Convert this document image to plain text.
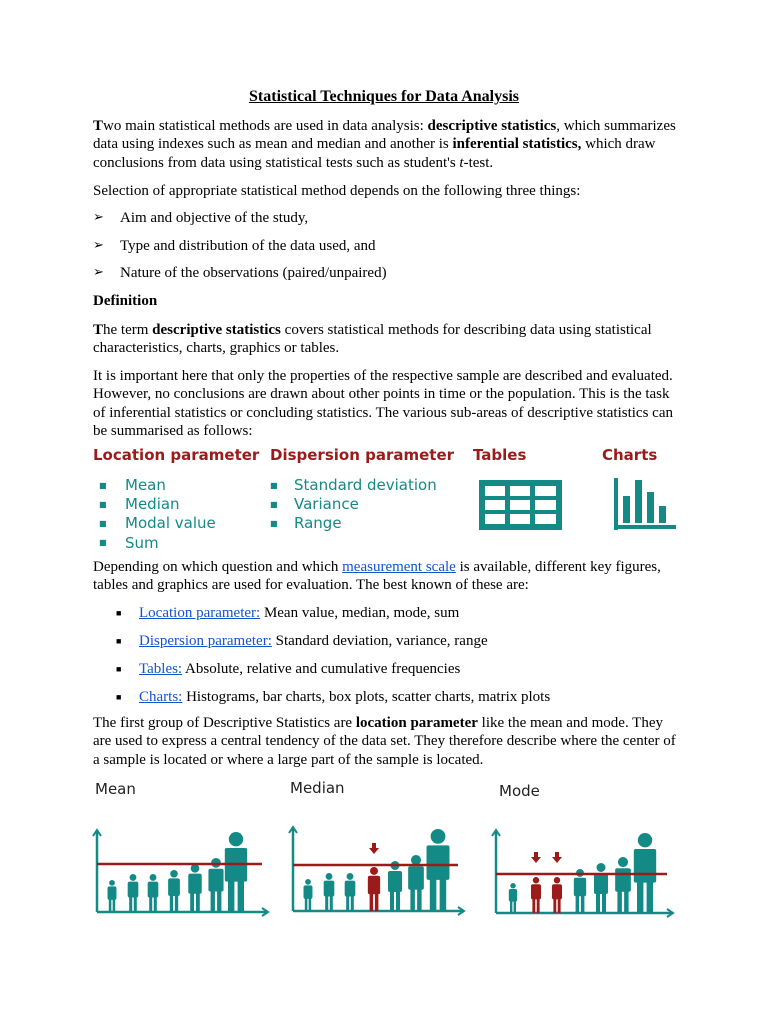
Statistical Techniques for Data Analysis
Two main statistical methods are used in data analysis: descriptive statistics, which summarizes data using indexes such as mean and median and another is inferential statistics, which draw conclusions from data using statistical tests such as student's t-test.
Selection of appropriate statistical method depends on the following three things:
➢ Aim and objective of the study,
➢ Type and distribution of the data used, and
➢ Nature of the observations (paired/unpaired)
Definition
The term descriptive statistics covers statistical methods for describing data using statistical characteristics, charts, graphics or tables.
It is important here that only the properties of the respective sample are described and evaluated. However, no conclusions are drawn about other points in time or the population. This is the task of inferential statistics or concluding statistics. The various sub-areas of descriptive statistics can be summarised as follows:
Location parameter
■ Mean
■ Median
■ Modal value
■ Sum
Dispersion parameter
■ Standard deviation
■ Variance
■ Range
Tables	Charts
Depending on which question and which measurement scale is available, different key figures, tables and graphics are used for evaluation. The best known of these are:
■ Location parameter: Mean value, median, mode, sum
■ Dispersion parameter: Standard deviation, variance, range
■ Tables: Absolute, relative and cumulative frequencies
■ Charts: Histograms, bar charts, box plots, scatter charts, matrix plots
The first group of Descriptive Statistics are location parameter like the mean and mode. They are used to express a central tendency of the data set. They therefore describe where the center of a sample is located or where a large part of the sample is located.
Mean	Median	Mode
